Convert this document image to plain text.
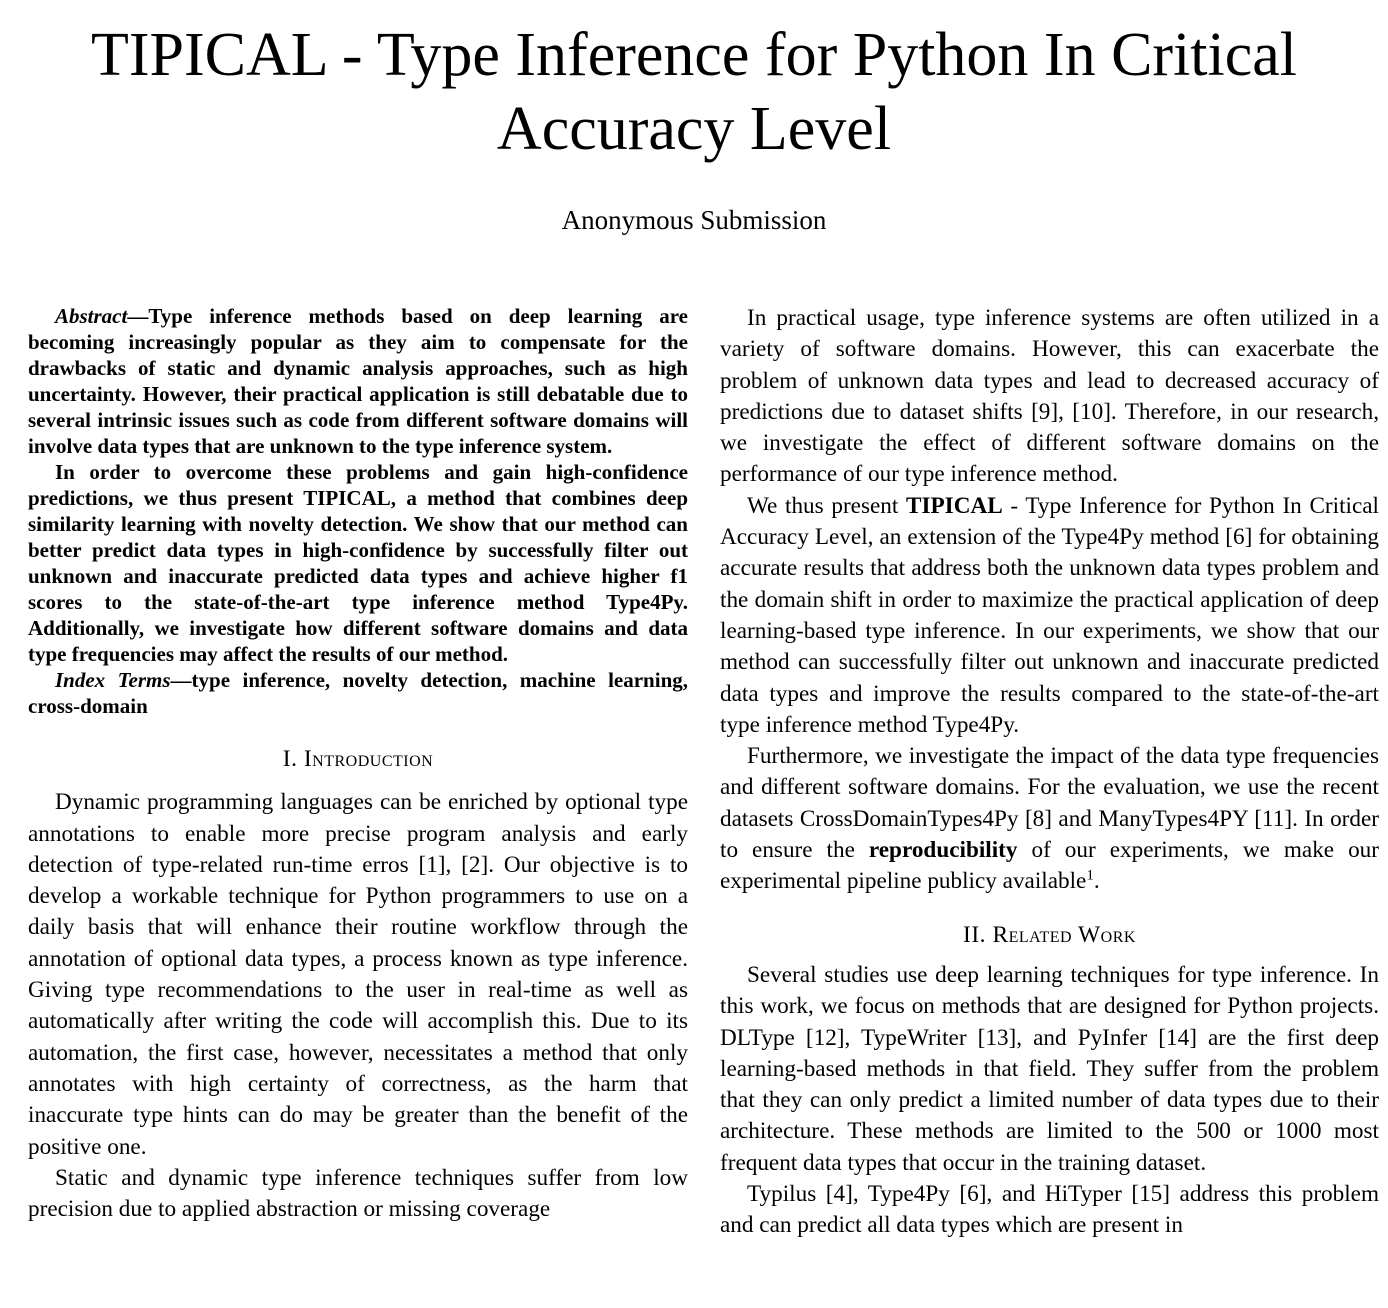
TIPICAL - Type Inference for Python In Critical Accuracy Level
Anonymous Submission

Abstract—Type inference methods based on deep learning are becoming increasingly popular as they aim to compensate for the drawbacks of static and dynamic analysis approaches, such as high uncertainty. However, their practical application is still debatable due to several intrinsic issues such as code from different software domains will involve data types that are unknown to the type inference system.

In order to overcome these problems and gain high-confidence predictions, we thus present TIPICAL, a method that combines deep similarity learning with novelty detection. We show that our method can better predict data types in high-confidence by successfully filter out unknown and inaccurate predicted data types and achieve higher f1 scores to the state-of-the-art type inference method Type4Py. Additionally, we investigate how different software domains and data type frequencies may affect the results of our method.

Index Terms—type inference, novelty detection, machine learning, cross-domain

I. Introduction

Dynamic programming languages can be enriched by optional type annotations to enable more precise program analysis and early detection of type-related run-time erros [1], [2]. Our objective is to develop a workable technique for Python programmers to use on a daily basis that will enhance their routine workflow through the annotation of optional data types, a process known as type inference. Giving type recommendations to the user in real-time as well as automatically after writing the code will accomplish this. Due to its automation, the first case, however, necessitates a method that only annotates with high certainty of correctness, as the harm that inaccurate type hints can do may be greater than the benefit of the positive one.

Static and dynamic type inference techniques suffer from low precision due to applied abstraction or missing coverage

In practical usage, type inference systems are often utilized in a variety of software domains. However, this can exacerbate the problem of unknown data types and lead to decreased accuracy of predictions due to dataset shifts [9], [10]. Therefore, in our research, we investigate the effect of different software domains on the performance of our type inference method.

We thus present TIPICAL - Type Inference for Python In Critical Accuracy Level, an extension of the Type4Py method [6] for obtaining accurate results that address both the unknown data types problem and the domain shift in order to maximize the practical application of deep learning-based type inference. In our experiments, we show that our method can successfully filter out unknown and inaccurate predicted data types and improve the results compared to the state-of-the-art type inference method Type4Py.

Furthermore, we investigate the impact of the data type frequencies and different software domains. For the evaluation, we use the recent datasets CrossDomainTypes4Py [8] and ManyTypes4PY [11]. In order to ensure the reproducibility of our experiments, we make our experimental pipeline publicy available$^1$.

II. Related Work

Several studies use deep learning techniques for type inference. In this work, we focus on methods that are designed for Python projects. DLType [12], TypeWriter [13], and PyInfer [14] are the first deep learning-based methods in that field. They suffer from the problem that they can only predict a limited number of data types due to their architecture. These methods are limited to the 500 or 1000 most frequent data types that occur in the training dataset.

Typilus [4], Type4Py [6], and HiTyper [15] address this problem and can predict all data types which are present in
